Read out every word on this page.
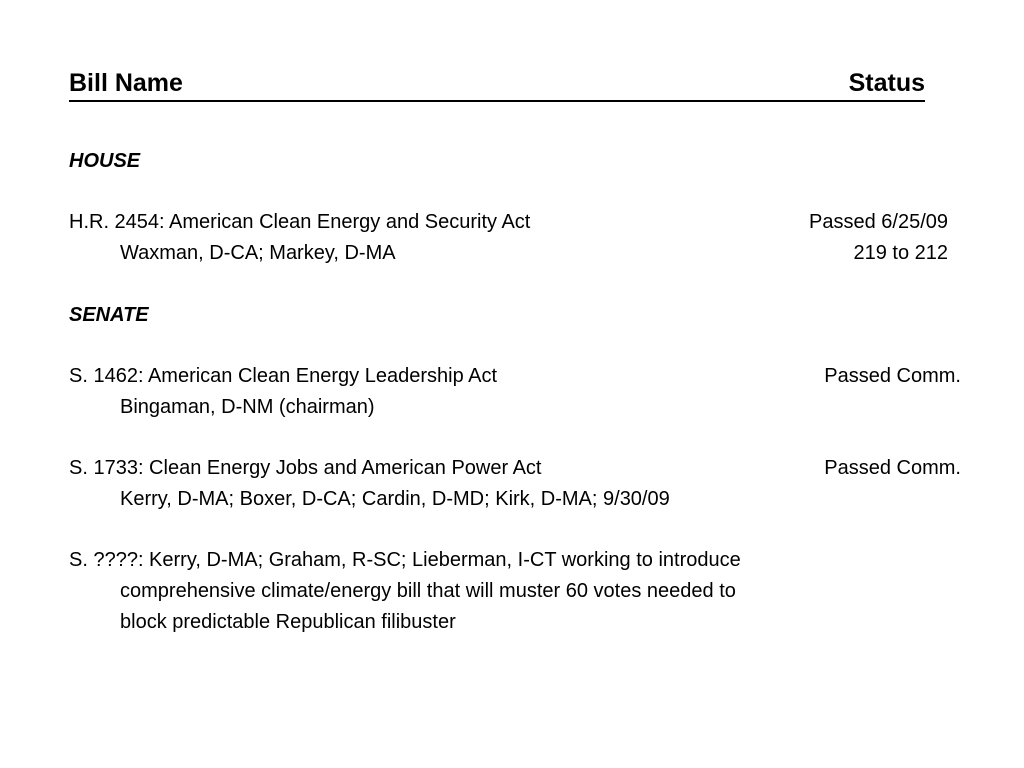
Bill Name	Status
HOUSE
H.R. 2454: American Clean Energy and Security Act	Passed 6/25/09
Waxman, D-CA; Markey, D-MA	219 to 212
SENATE
S. 1462: American Clean Energy Leadership Act	Passed Comm.
Bingaman, D-NM (chairman)
S. 1733: Clean Energy Jobs and American Power Act	Passed Comm.
Kerry, D-MA; Boxer, D-CA; Cardin, D-MD; Kirk, D-MA; 9/30/09
S. ????: Kerry, D-MA; Graham, R-SC; Lieberman, I-CT working to introduce
comprehensive climate/energy bill that will muster 60 votes needed to
block predictable Republican filibuster
